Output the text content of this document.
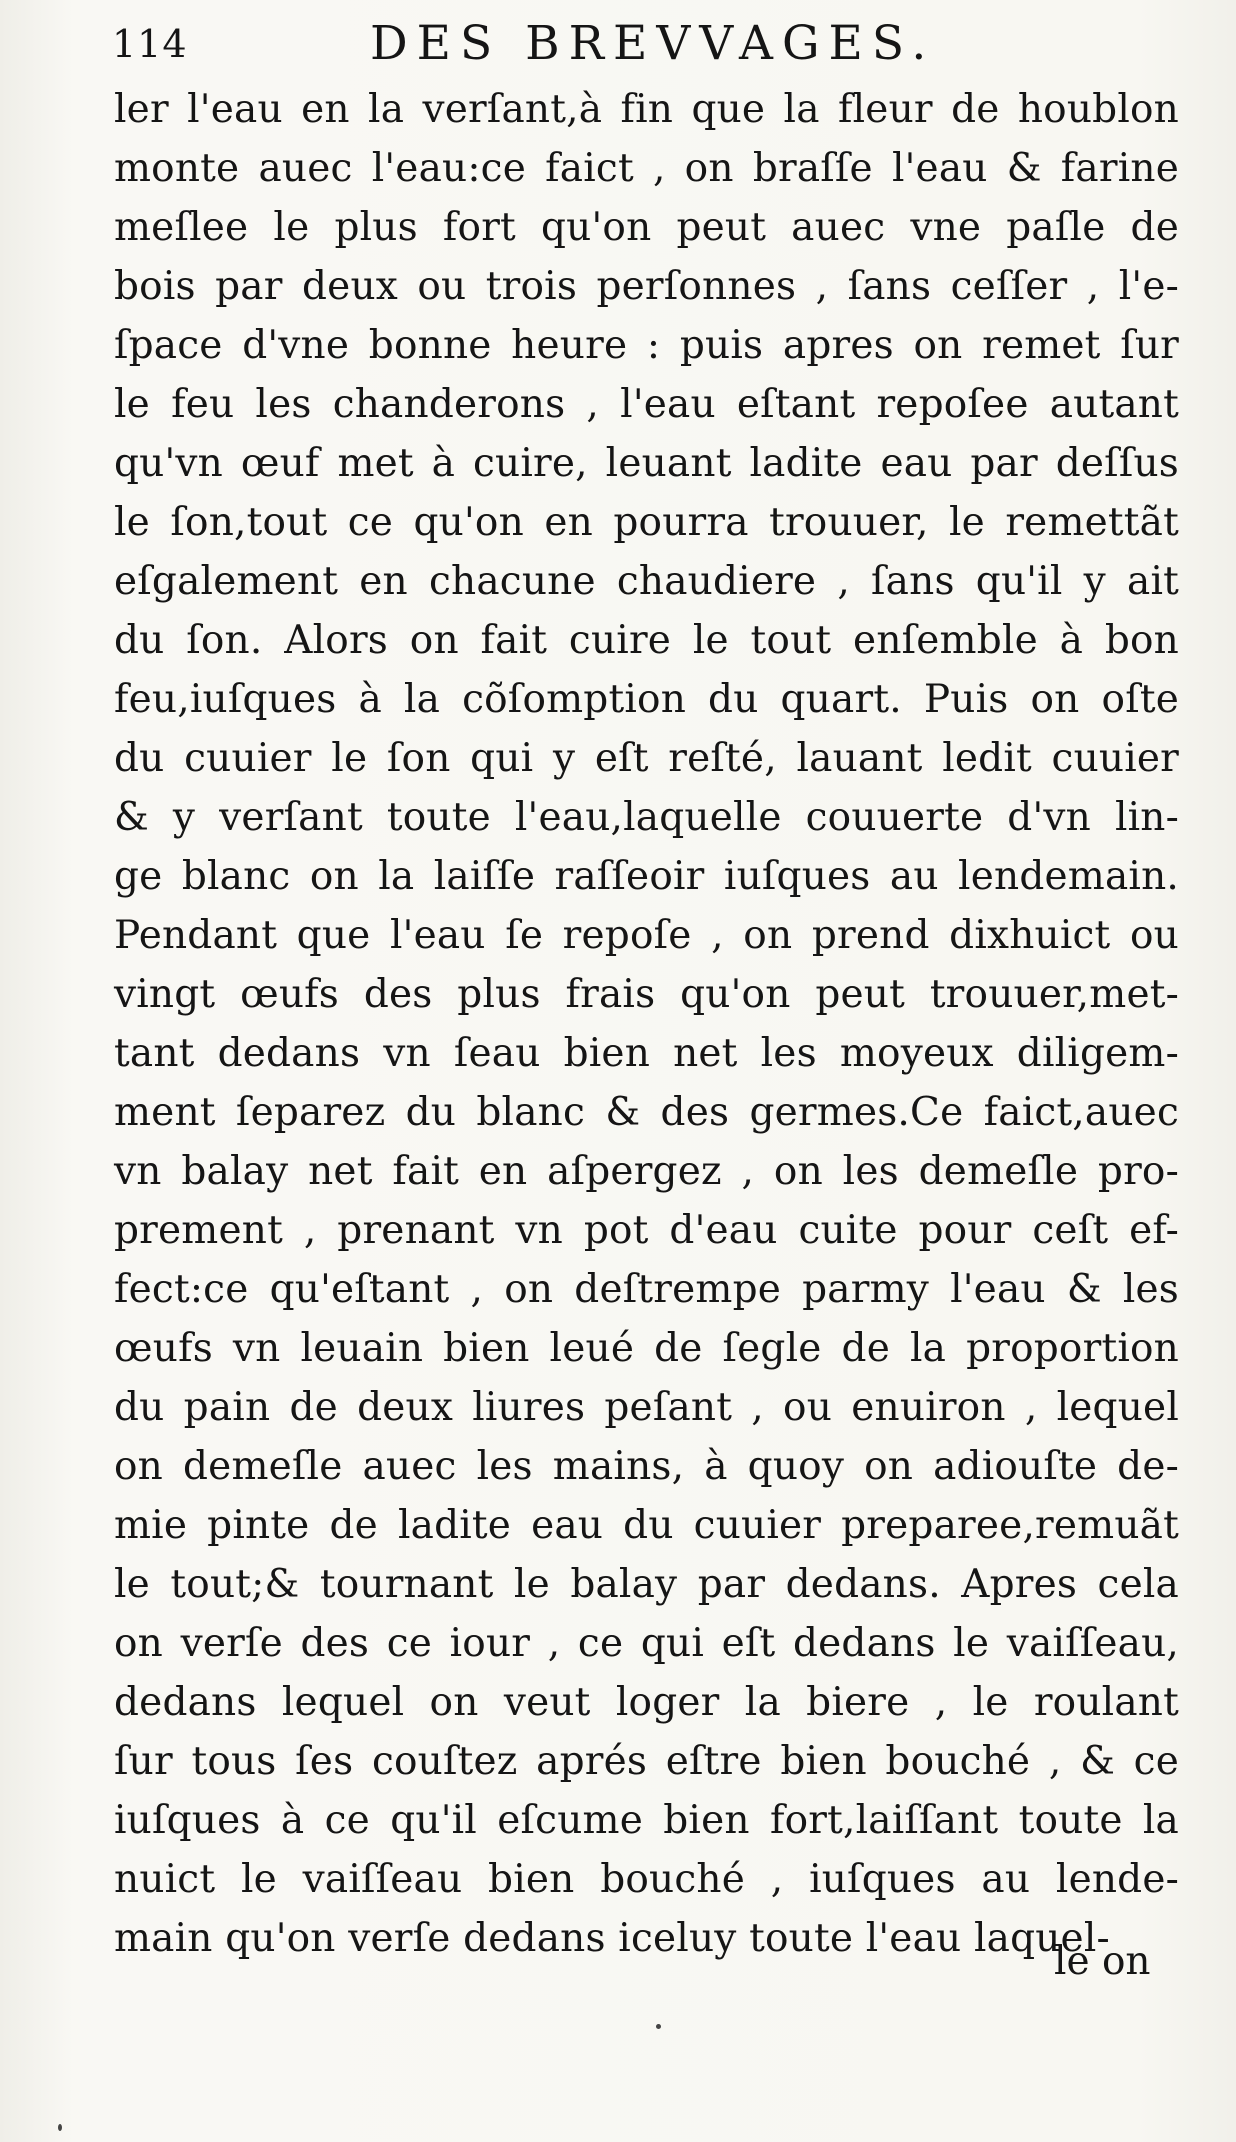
114	DES BREVVAGES.
ler l'eau en la verſant,à fin que la fleur de houblon
monte auec l'eau:ce faict , on braſſe l'eau & farine
meſlee le plus fort qu'on peut auec vne paſle de
bois par deux ou trois perſonnes , ſans ceſſer , l'e-
ſpace d'vne bonne heure : puis apres on remet ſur
le feu les chanderons , l'eau eſtant repoſee autant
qu'vn œuf met à cuire, leuant ladite eau par deſſus
le ſon,tout ce qu'on en pourra trouuer, le remettãt
eſgalement en chacune chaudiere , ſans qu'il y ait
du ſon. Alors on fait cuire le tout enſemble à bon
feu,iuſques à la cõſomption du quart. Puis on oſte
du cuuier le ſon qui y eſt reſté, lauant ledit cuuier
& y verſant toute l'eau,laquelle couuerte d'vn lin-
ge blanc on la laiſſe raſſeoir iuſques au lendemain.
Pendant que l'eau ſe repoſe , on prend dixhuict ou
vingt œufs des plus frais qu'on peut trouuer,met-
tant dedans vn ſeau bien net les moyeux diligem-
ment ſeparez du blanc & des germes.Ce faict,auec
vn balay net fait en aſpergez , on les demeſle pro-
prement , prenant vn pot d'eau cuite pour ceſt ef-
fect:ce qu'eſtant , on deſtrempe parmy l'eau & les
œufs vn leuain bien leué de ſegle de la proportion
du pain de deux liures peſant , ou enuiron , lequel
on demeſle auec les mains, à quoy on adiouſte de-
mie pinte de ladite eau du cuuier preparee,remuãt
le tout;& tournant le balay par dedans. Apres cela
on verſe des ce iour , ce qui eſt dedans le vaiſſeau,
dedans lequel on veut loger la biere , le roulant
ſur tous ſes couſtez aprés eſtre bien bouché , & ce
iuſques à ce qu'il eſcume bien fort,laiſſant toute la
nuict le vaiſſeau bien bouché , iuſques au lende-
main qu'on verſe dedans iceluy toute l'eau laquel-
le on
